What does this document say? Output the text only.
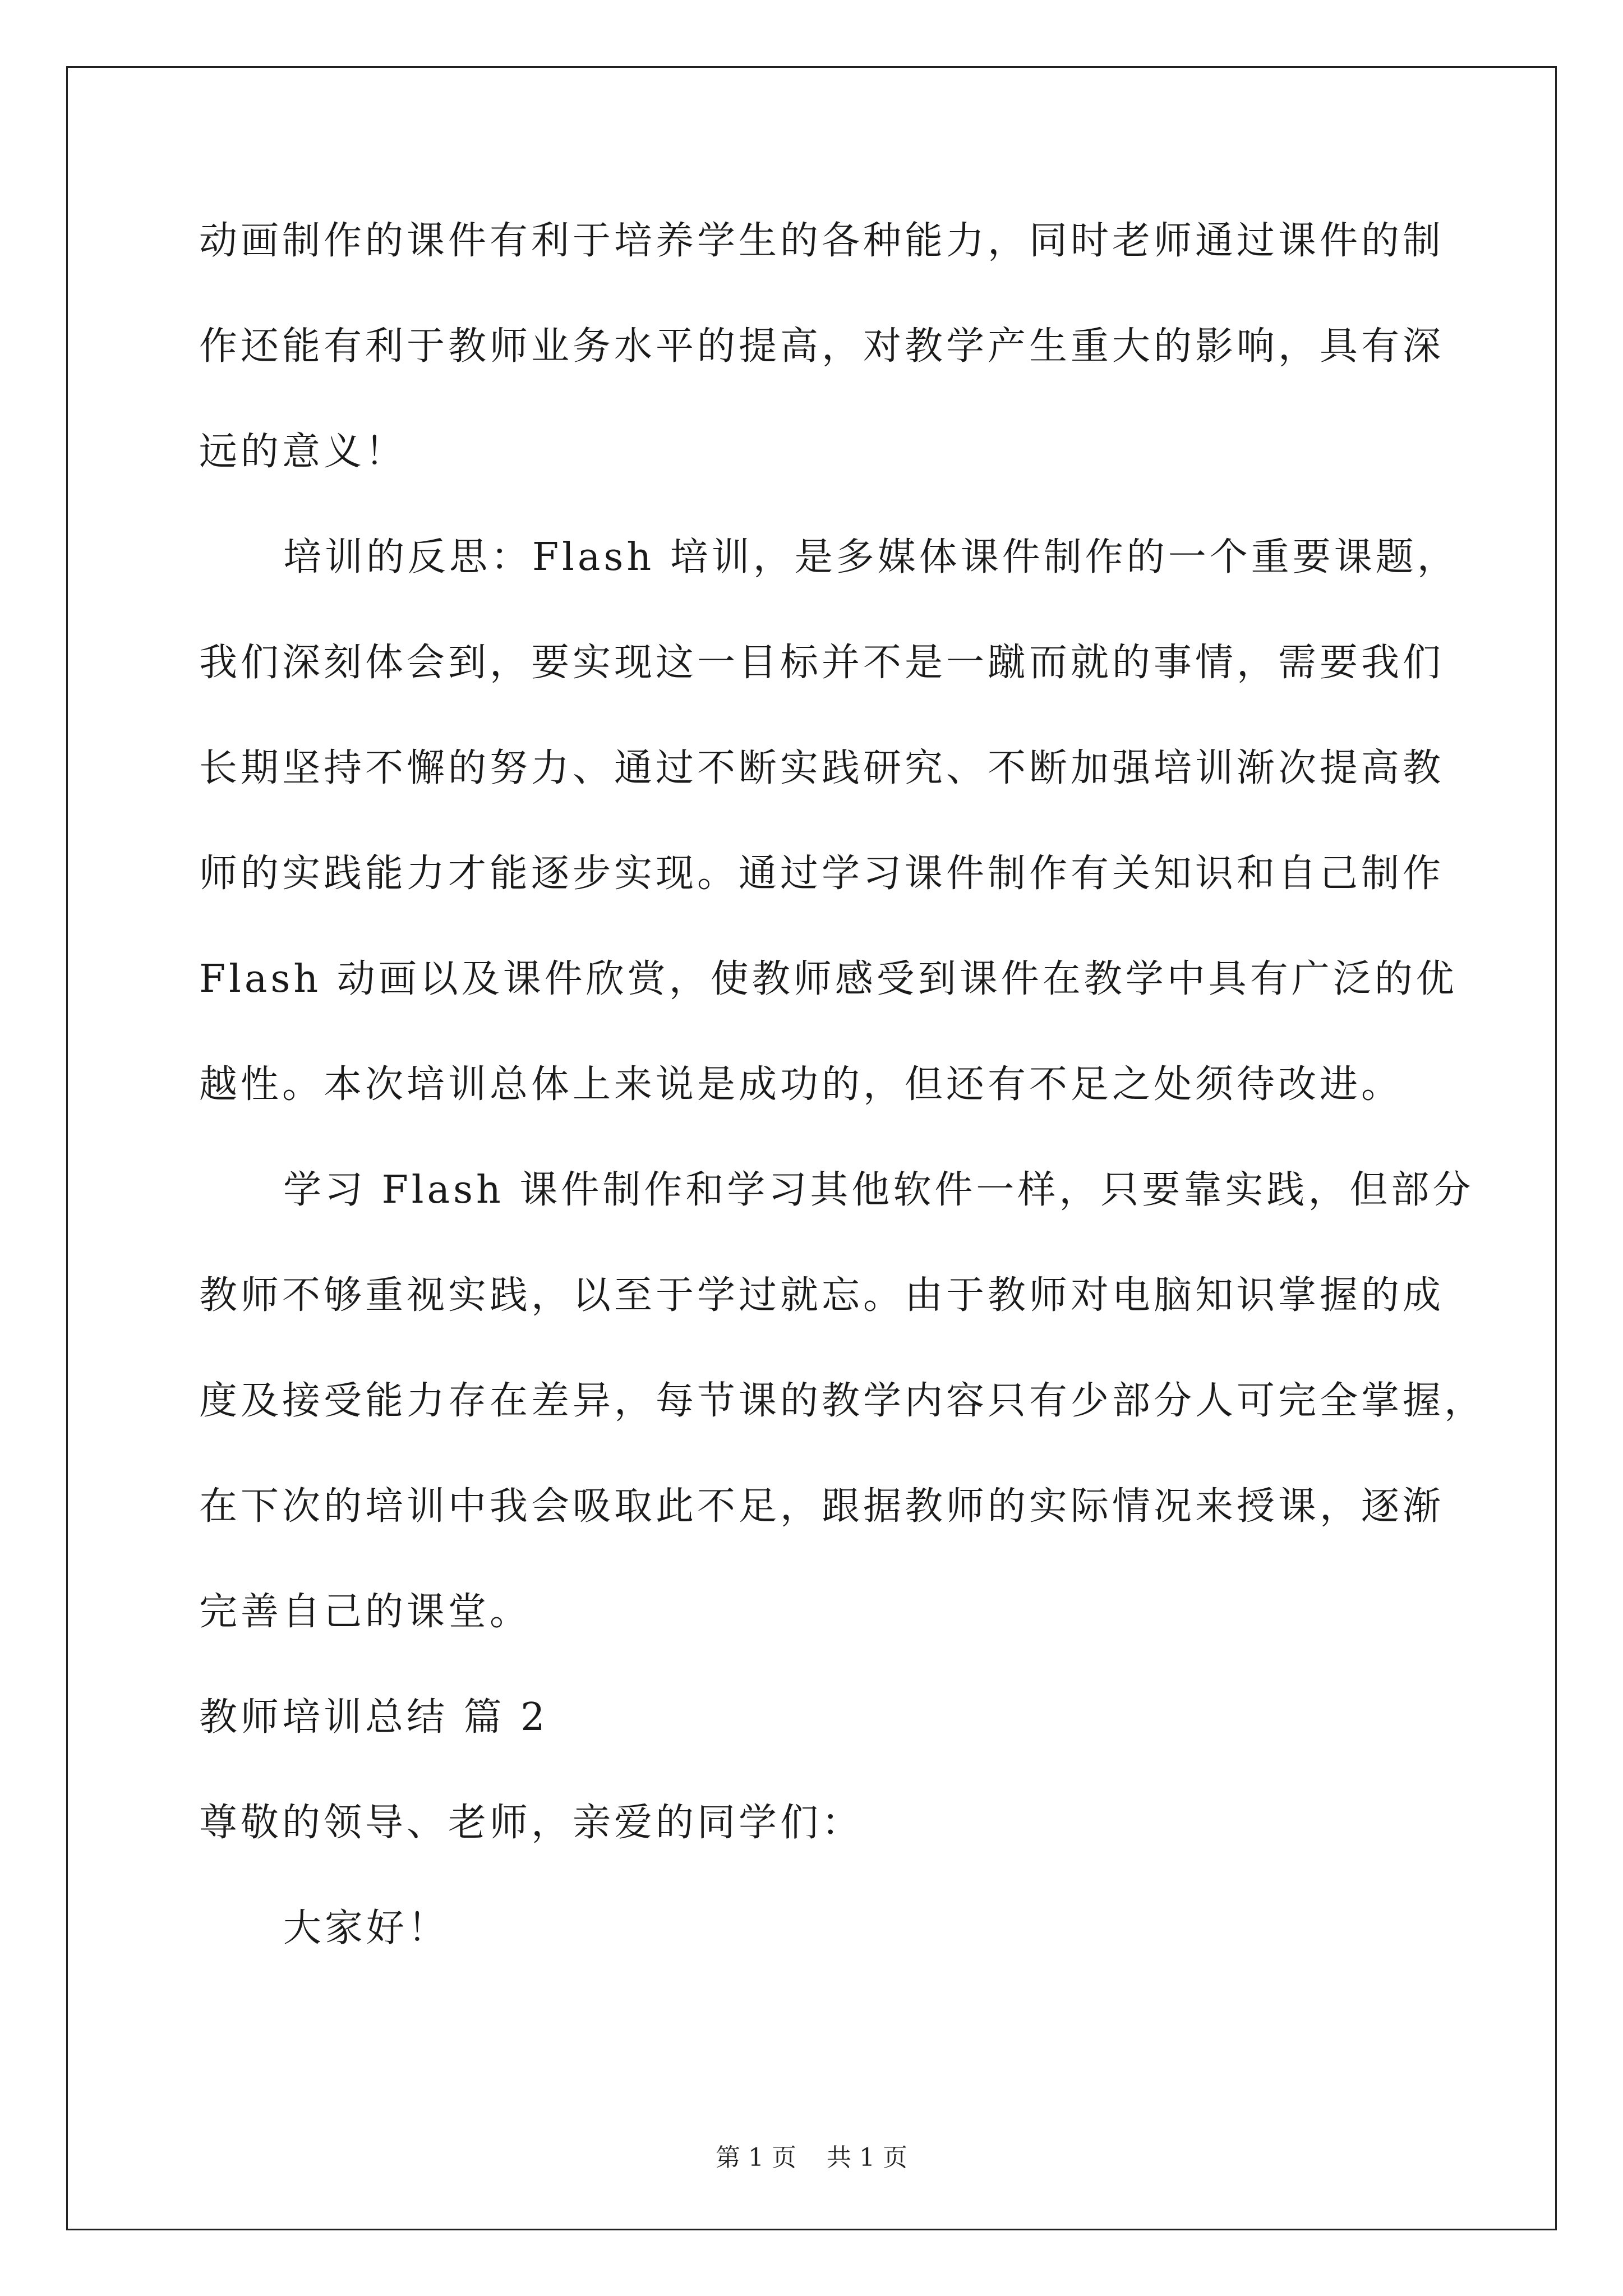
动画制作的课件有利于培养学生的各种能力，同时老师通过课件的制
作还能有利于教师业务水平的提高，对教学产生重大的影响，具有深
远的意义！
培训的反思：Flash 培训，是多媒体课件制作的一个重要课题，
我们深刻体会到，要实现这一目标并不是一蹴而就的事情，需要我们
长期坚持不懈的努力、通过不断实践研究、不断加强培训渐次提高教
师的实践能力才能逐步实现。通过学习课件制作有关知识和自己制作
Flash 动画以及课件欣赏，使教师感受到课件在教学中具有广泛的优
越性。本次培训总体上来说是成功的，但还有不足之处须待改进。
学习 Flash 课件制作和学习其他软件一样，只要靠实践，但部分
教师不够重视实践，以至于学过就忘。由于教师对电脑知识掌握的成
度及接受能力存在差异，每节课的教学内容只有少部分人可完全掌握，
在下次的培训中我会吸取此不足，跟据教师的实际情况来授课，逐渐
完善自己的课堂。
教师培训总结 篇 2
尊敬的领导、老师，亲爱的同学们：
大家好！
第 1 页 共 1 页
